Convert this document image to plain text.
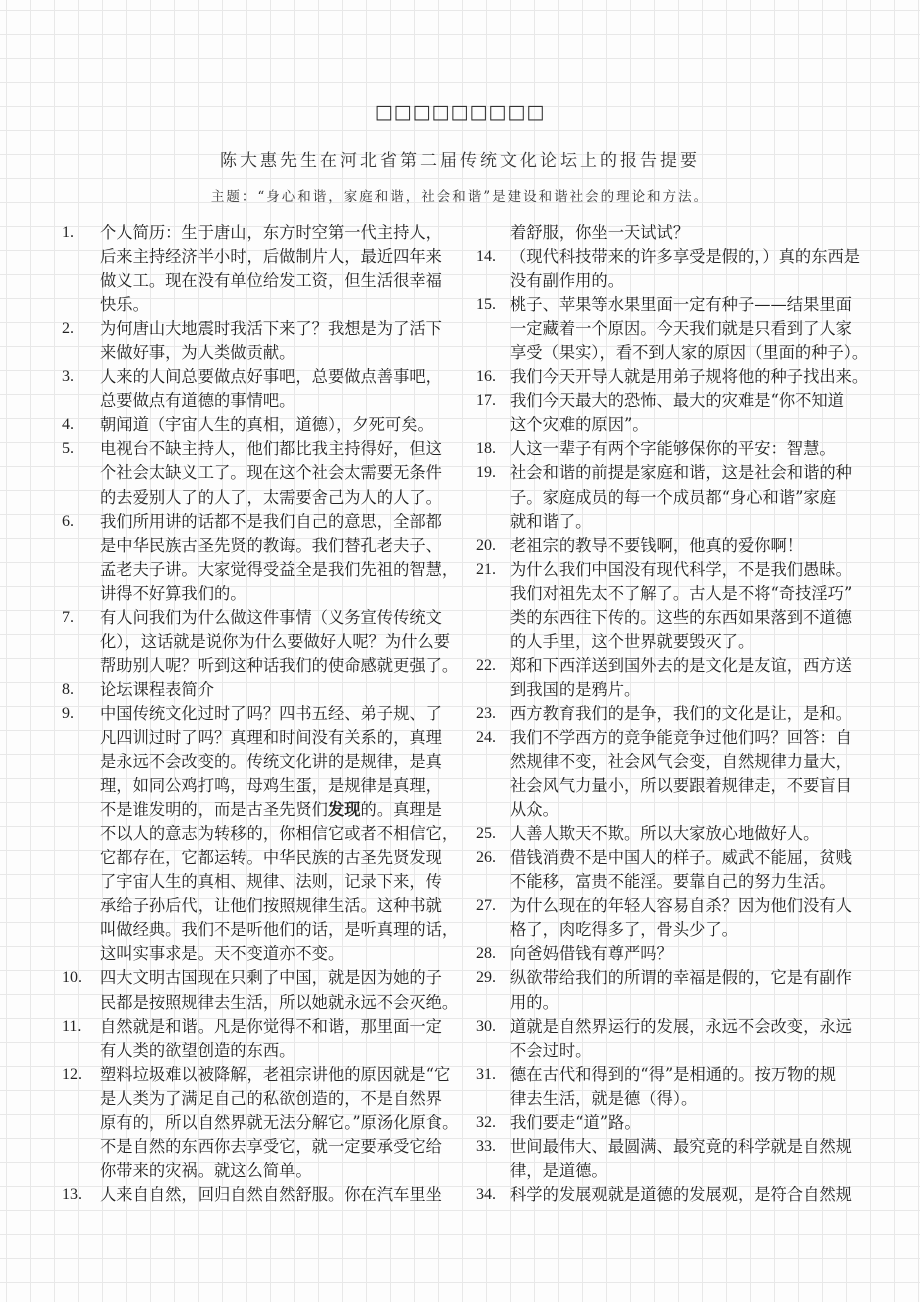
□□□□□□□□□
陈大惠先生在河北省第二届传统文化论坛上的报告提要
主题：“身心和谐，家庭和谐，社会和谐”是建设和谐社会的理论和方法。
1.	个人简历：生于唐山，东方时空第一代主持人，
后来主持经济半小时，后做制片人，最近四年来
做义工。现在没有单位给发工资，但生活很幸福
快乐。
2.	为何唐山大地震时我活下来了？我想是为了活下
来做好事，为人类做贡献。
3.	人来的人间总要做点好事吧，总要做点善事吧，
总要做点有道德的事情吧。
4.	朝闻道（宇宙人生的真相，道德），夕死可矣。
5.	电视台不缺主持人，他们都比我主持得好，但这
个社会太缺义工了。现在这个社会太需要无条件
的去爱别人了的人了，太需要舍己为人的人了。
6.	我们所用讲的话都不是我们自己的意思，全部都
是中华民族古圣先贤的教诲。我们替孔老夫子、
孟老夫子讲。大家觉得受益全是我们先祖的智慧，
讲得不好算我们的。
7.	有人问我们为什么做这件事情（义务宣传传统文
化），这话就是说你为什么要做好人呢？为什么要
帮助别人呢？听到这种话我们的使命感就更强了。
8.	论坛课程表简介
9.	中国传统文化过时了吗？四书五经、弟子规、了
凡四训过时了吗？真理和时间没有关系的，真理
是永远不会改变的。传统文化讲的是规律，是真
理，如同公鸡打鸣，母鸡生蛋，是规律是真理，
不是谁发明的，而是古圣先贤们发现的。真理是
不以人的意志为转移的，你相信它或者不相信它，
它都存在，它都运转。中华民族的古圣先贤发现
了宇宙人生的真相、规律、法则，记录下来，传
承给子孙后代，让他们按照规律生活。这种书就
叫做经典。我们不是听他们的话，是听真理的话，
这叫实事求是。天不变道亦不变。
10.	四大文明古国现在只剩了中国，就是因为她的子
民都是按照规律去生活，所以她就永远不会灭绝。
11.	自然就是和谐。凡是你觉得不和谐，那里面一定
有人类的欲望创造的东西。
12.	塑料垃圾难以被降解，老祖宗讲他的原因就是“它
是人类为了满足自己的私欲创造的，不是自然界
原有的，所以自然界就无法分解它。”原汤化原食。
不是自然的东西你去享受它，就一定要承受它给
你带来的灾祸。就这么简单。
13.	人来自自然，回归自然自然舒服。你在汽车里坐
着舒服，你坐一天试试？
14. （现代科技带来的许多享受是假的，）真的东西是
没有副作用的。
15. 桃子、苹果等水果里面一定有种子——结果里面
一定藏着一个原因。今天我们就是只看到了人家
享受（果实），看不到人家的原因（里面的种子）。
16. 我们今天开导人就是用弟子规将他的种子找出来。
17. 我们今天最大的恐怖、最大的灾难是“你不知道
这个灾难的原因”。
18. 人这一辈子有两个字能够保你的平安：智慧。
19. 社会和谐的前提是家庭和谐，这是社会和谐的种
子。家庭成员的每一个成员都“身心和谐”家庭
就和谐了。
20. 老祖宗的教导不要钱啊，他真的爱你啊！
21. 为什么我们中国没有现代科学，不是我们愚昧。
我们对祖先太不了解了。古人是不将“奇技淫巧”
类的东西往下传的。这些的东西如果落到不道德
的人手里，这个世界就要毁灭了。
22. 郑和下西洋送到国外去的是文化是友谊，西方送
到我国的是鸦片。
23. 西方教育我们的是争，我们的文化是让，是和。
24. 我们不学西方的竞争能竞争过他们吗？回答：自
然规律不变，社会风气会变，自然规律力量大，
社会风气力量小，所以要跟着规律走，不要盲目
从众。
25. 人善人欺天不欺。所以大家放心地做好人。
26. 借钱消费不是中国人的样子。威武不能屈，贫贱
不能移，富贵不能淫。要靠自己的努力生活。
27. 为什么现在的年轻人容易自杀？因为他们没有人
格了，肉吃得多了，骨头少了。
28. 向爸妈借钱有尊严吗？
29. 纵欲带给我们的所谓的幸福是假的，它是有副作
用的。
30. 道就是自然界运行的发展，永远不会改变，永远
不会过时。
31. 德在古代和得到的“得”是相通的。按万物的规
律去生活，就是德（得）。
32. 我们要走“道”路。
33. 世间最伟大、最圆满、最究竟的科学就是自然规
律，是道德。
34. 科学的发展观就是道德的发展观，是符合自然规
